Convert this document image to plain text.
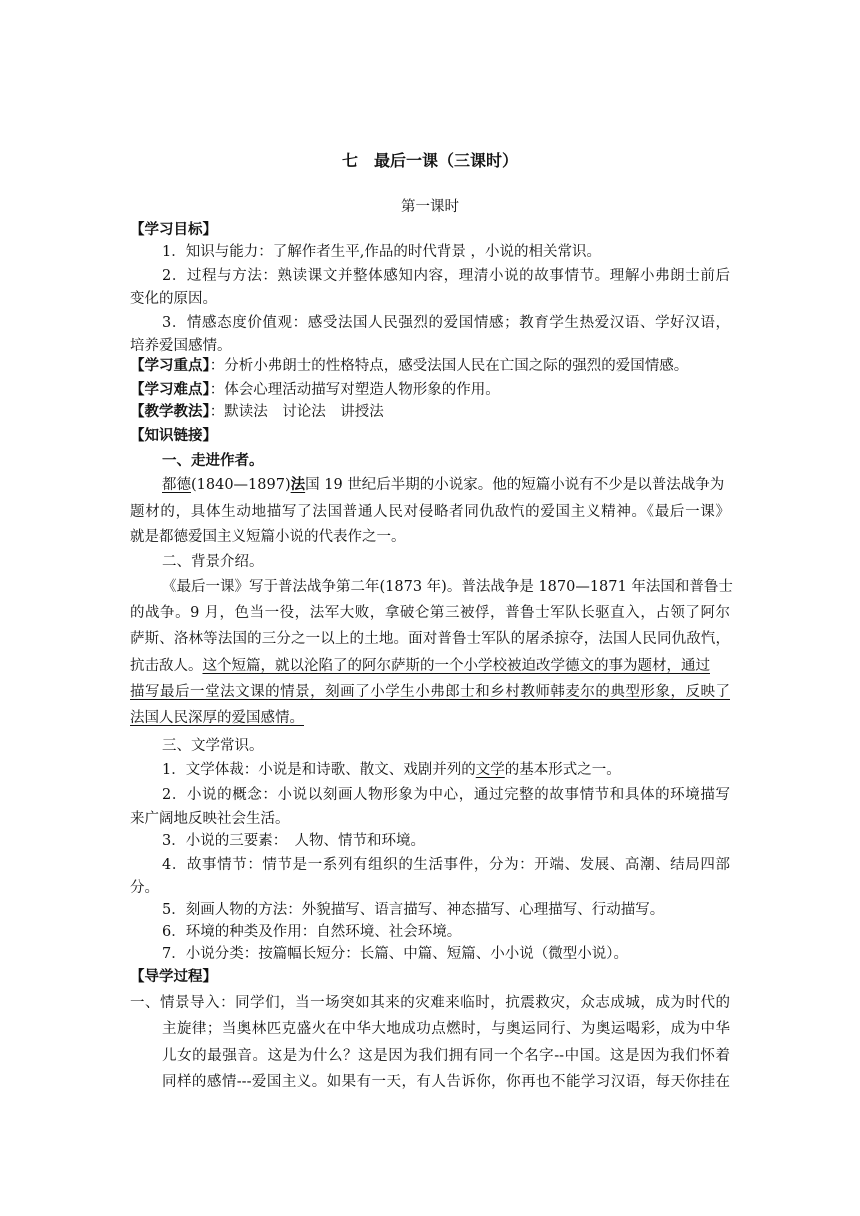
七　最后一课（三课时）
第一课时
【学习目标】
1．知识与能力：了解作者生平,作品的时代背景 ，小说的相关常识。
2．过程与方法：熟读课文并整体感知内容，理清小说的故事情节。理解小弗朗士前后
变化的原因。
3．情感态度价值观：感受法国人民强烈的爱国情感；教育学生热爱汉语、学好汉语，
培养爱国感情。
【学习重点】：分析小弗朗士的性格特点，感受法国人民在亡国之际的强烈的爱国情感。
【学习难点】：体会心理活动描写对塑造人物形象的作用。
【教学教法】：默读法　讨论法　讲授法
【知识链接】
一、走进作者。
都德(1840—1897)法国 19 世纪后半期的小说家。他的短篇小说有不少是以普法战争为
题材的，具体生动地描写了法国普通人民对侵略者同仇敌忾的爱国主义精神。《最后一课》
就是都德爱国主义短篇小说的代表作之一。
二、背景介绍。
《最后一课》写于普法战争第二年(1873 年)。普法战争是 1870—1871 年法国和普鲁士
的战争。9 月，色当一役，法军大败，拿破仑第三被俘，普鲁士军队长驱直入，占领了阿尔
萨斯、洛林等法国的三分之一以上的土地。面对普鲁士军队的屠杀掠夺，法国人民同仇敌忾，
抗击敌人。这个短篇，就以沦陷了的阿尔萨斯的一个小学校被迫改学德文的事为题材，通过
描写最后一堂法文课的情景，刻画了小学生小弗郎士和乡村教师韩麦尔的典型形象，反映了
法国人民深厚的爱国感情。
三、文学常识。
1．文学体裁：小说是和诗歌、散文、戏剧并列的文学的基本形式之一。
2．小说的概念：小说以刻画人物形象为中心，通过完整的故事情节和具体的环境描写
来广阔地反映社会生活。
3．小说的三要素：　人物、情节和环境。
4．故事情节：情节是一系列有组织的生活事件，分为：开端、发展、高潮、结局四部
分。
5．刻画人物的方法：外貌描写、语言描写、神态描写、心理描写、行动描写。
6．环境的种类及作用：自然环境、社会环境。
7．小说分类：按篇幅长短分：长篇、中篇、短篇、小小说（微型小说）。
【导学过程】
一、情景导入：同学们，当一场突如其来的灾难来临时，抗震救灾，众志成城，成为时代的
主旋律；当奥林匹克盛火在中华大地成功点燃时，与奥运同行、为奥运喝彩，成为中华
儿女的最强音。这是为什么？这是因为我们拥有同一个名字--中国。这是因为我们怀着
同样的感情---爱国主义。如果有一天，有人告诉你，你再也不能学习汉语，每天你挂在
